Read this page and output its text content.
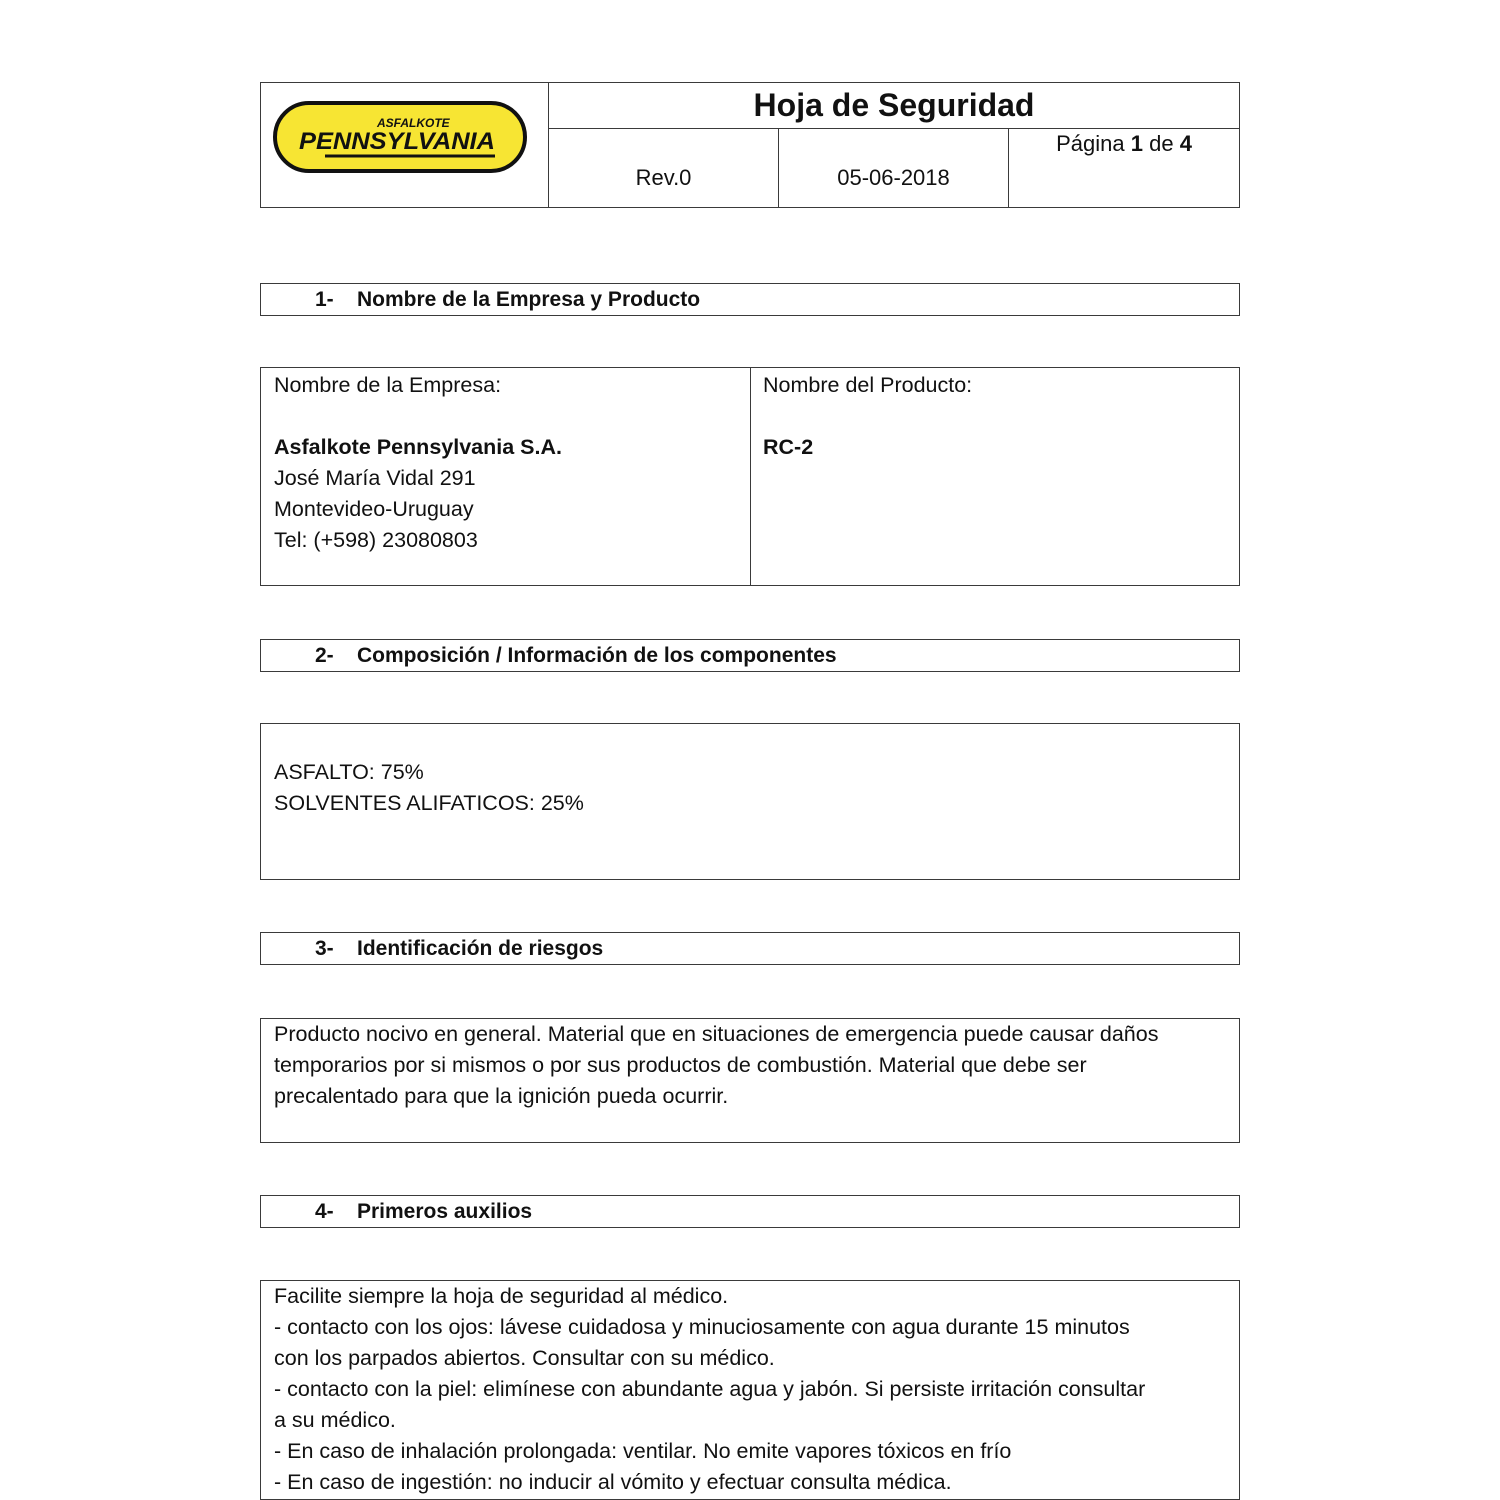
ASFALKOTE
PENNSYLVANIA
Hoja de Seguridad
Rev.0	05-06-2018
Página
1
de
4
1- Nombre de la Empresa y Producto
Nombre de la Empresa:
Asfalkote Pennsylvania S.A.
José María Vidal 291
Montevideo-Uruguay
Tel: (+598) 23080803
Nombre del Producto:
RC-2
2- Composición / Información de los componentes
ASFALTO: 75%
SOLVENTES ALIFATICOS: 25%
3- Identificación de riesgos
Producto nocivo en general. Material que en situaciones de emergencia puede causar daños
temporarios por si mismos o por sus productos de combustión. Material que debe ser
precalentado para que la ignición pueda ocurrir.
4- Primeros auxilios
Facilite siempre la hoja de seguridad al médico.
- contacto con los ojos: lávese cuidadosa y minuciosamente con agua durante 15 minutos
con los parpados abiertos. Consultar con su médico.
- contacto con la piel: elimínese con abundante agua y jabón. Si persiste irritación consultar
a su médico.
- En caso de inhalación prolongada: ventilar. No emite vapores tóxicos en frío
- En caso de ingestión: no inducir al vómito y efectuar consulta médica.
